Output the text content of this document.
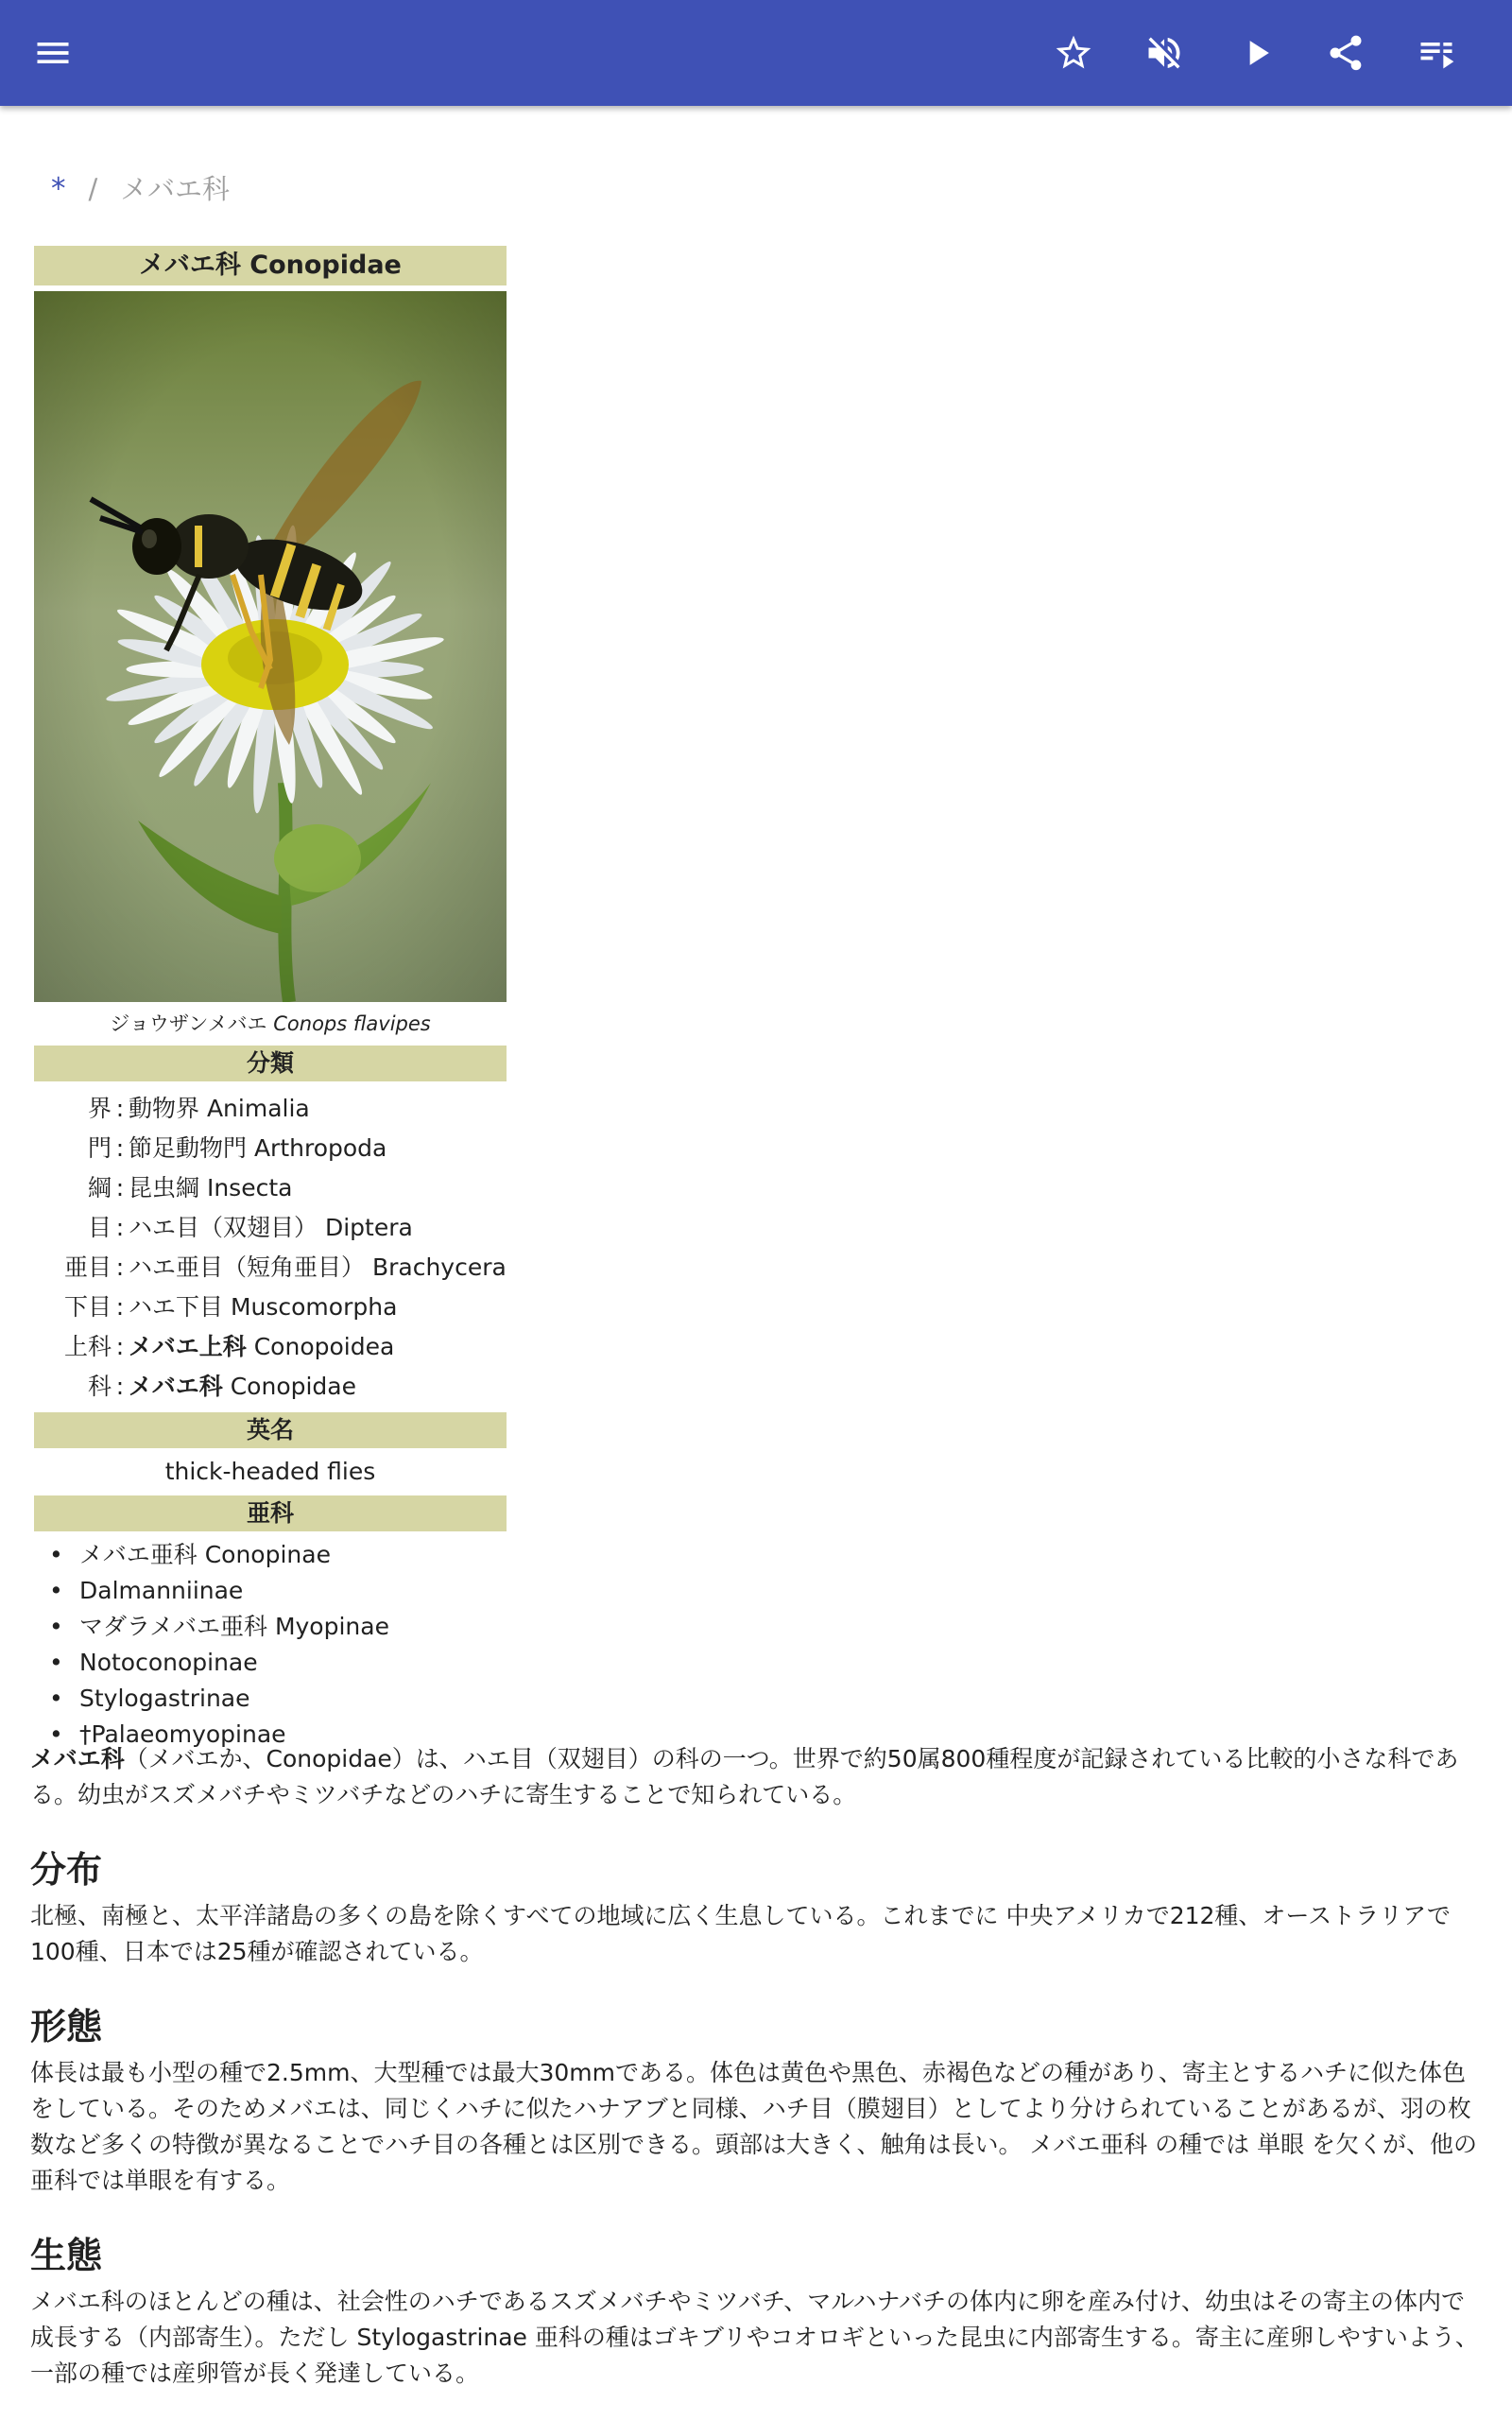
* / メバエ科
メバエ科 Conopidae
ジョウザンメバエ Conops flavipes
分類
界 : 動物界 Animalia
門 : 節足動物門 Arthropoda
綱 : 昆虫綱 Insecta
目 : ハエ目（双翅目） Diptera
亜目 : ハエ亜目（短角亜目） Brachycera
下目 : ハエ下目 Muscomorpha
上科 : メバエ上科 Conopoidea
科 : メバエ科 Conopidae
英名
thick-headed flies
亜科
• メバエ亜科 Conopinae
• Dalmanniinae
• マダラメバエ亜科 Myopinae
• Notoconopinae
• Stylogastrinae
• †Palaeomyopinae

メバエ科（メバエか、Conopidae）は、ハエ目（双翅目）の科の一つ。世界で約50属800種程度が記録されている比較的小さな科である。幼虫がスズメバチやミツバチなどのハチに寄生することで知られている。

分布

北極、南極と、太平洋諸島の多くの島を除くすべての地域に広く生息している。これまでに 中央アメリカで212種、オーストラリアで100種、日本では25種が確認されている。

形態

体長は最も小型の種で2.5mm、大型種では最大30mmである。体色は黄色や黒色、赤褐色などの種があり、寄主とするハチに似た体色をしている。そのためメバエは、同じくハチに似たハナアブと同様、ハチ目（膜翅目）としてより分けられていることがあるが、羽の枚数など多くの特徴が異なることでハチ目の各種とは区別できる。頭部は大きく、触角は長い。 メバエ亜科 の種では 単眼 を欠くが、他の亜科では単眼を有する。

生態

メバエ科のほとんどの種は、社会性のハチであるスズメバチやミツバチ、マルハナバチの体内に卵を産み付け、幼虫はその寄主の体内で成長する（内部寄生）。ただし Stylogastrinae 亜科の種はゴキブリやコオロギといった昆虫に内部寄生する。寄主に産卵しやすいよう、一部の種では産卵管が長く発達している。
